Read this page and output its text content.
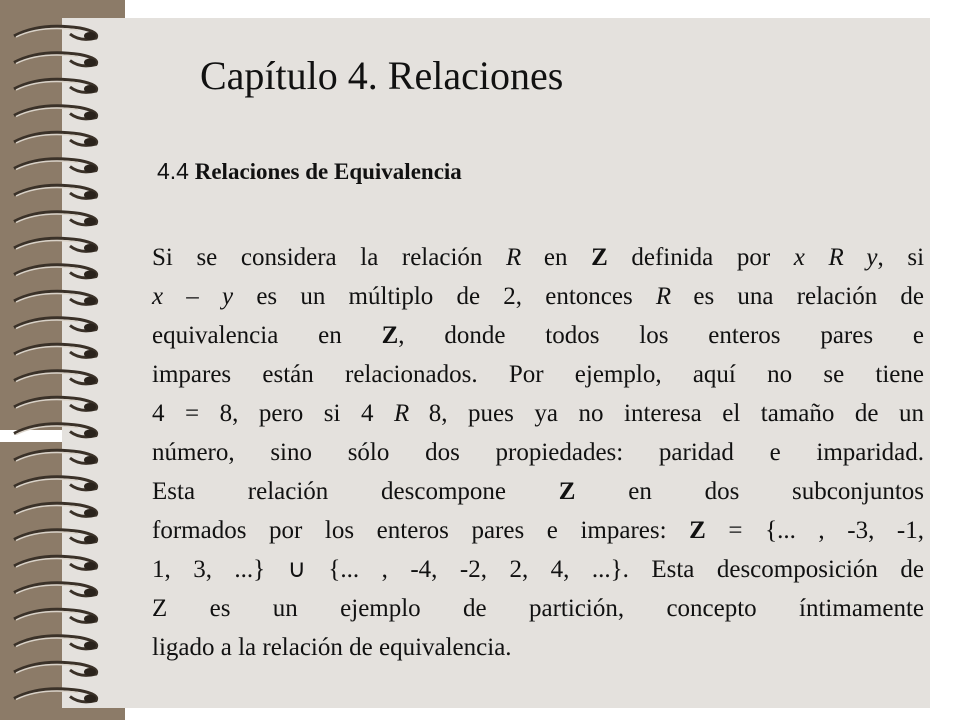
Capítulo 4. Relaciones
4.4 Relaciones de Equivalencia
Si se considera la relación R en Z definida por x R y, si
x – y es un múltiplo de 2, entonces R es una relación de
equivalencia en Z, donde todos los enteros pares e
impares están relacionados. Por ejemplo, aquí no se tiene
4 = 8, pero si 4 R 8, pues ya no interesa el tamaño de un
número, sino sólo dos propiedades: paridad e imparidad.
Esta relación descompone Z en dos subconjuntos
formados por los enteros pares e impares: Z = {... , -3, -1,
1, 3, ...} ∪ {... , -4, -2, 2, 4, ...}. Esta descomposición de
Z es un ejemplo de partición, concepto íntimamente
ligado a la relación de equivalencia.
